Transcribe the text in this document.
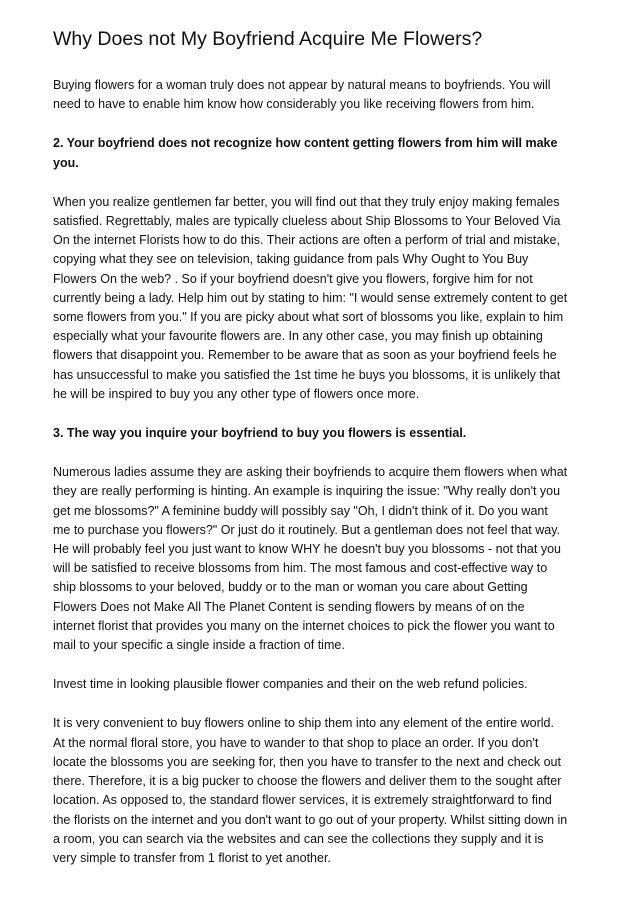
Why Does not My Boyfriend Acquire Me Flowers?

Buying flowers for a woman truly does not appear by natural means to boyfriends. You will
need to have to enable him know how considerably you like receiving flowers from him.

2. Your boyfriend does not recognize how content getting flowers from him will make
you.

When you realize gentlemen far better, you will find out that they truly enjoy making females
satisfied. Regrettably, males are typically clueless about Ship Blossoms to Your Beloved Via
On the internet Florists how to do this. Their actions are often a perform of trial and mistake,
copying what they see on television, taking guidance from pals Why Ought to You Buy
Flowers On the web? . So if your boyfriend doesn't give you flowers, forgive him for not
currently being a lady. Help him out by stating to him: "I would sense extremely content to get
some flowers from you." If you are picky about what sort of blossoms you like, explain to him
especially what your favourite flowers are. In any other case, you may finish up obtaining
flowers that disappoint you. Remember to be aware that as soon as your boyfriend feels he
has unsuccessful to make you satisfied the 1st time he buys you blossoms, it is unlikely that
he will be inspired to buy you any other type of flowers once more.

3. The way you inquire your boyfriend to buy you flowers is essential.

Numerous ladies assume they are asking their boyfriends to acquire them flowers when what
they are really performing is hinting. An example is inquiring the issue: "Why really don't you
get me blossoms?" A feminine buddy will possibly say "Oh, I didn't think of it. Do you want
me to purchase you flowers?" Or just do it routinely. But a gentleman does not feel that way.
He will probably feel you just want to know WHY he doesn't buy you blossoms - not that you
will be satisfied to receive blossoms from him. The most famous and cost-effective way to
ship blossoms to your beloved, buddy or to the man or woman you care about Getting
Flowers Does not Make All The Planet Content is sending flowers by means of on the
internet florist that provides you many on the internet choices to pick the flower you want to
mail to your specific a single inside a fraction of time.

Invest time in looking plausible flower companies and their on the web refund policies.

It is very convenient to buy flowers online to ship them into any element of the entire world.
At the normal floral store, you have to wander to that shop to place an order. If you don't
locate the blossoms you are seeking for, then you have to transfer to the next and check out
there. Therefore, it is a big pucker to choose the flowers and deliver them to the sought after
location. As opposed to, the standard flower services, it is extremely straightforward to find
the florists on the internet and you don't want to go out of your property. Whilst sitting down in
a room, you can search via the websites and can see the collections they supply and it is
very simple to transfer from 1 florist to yet another.
